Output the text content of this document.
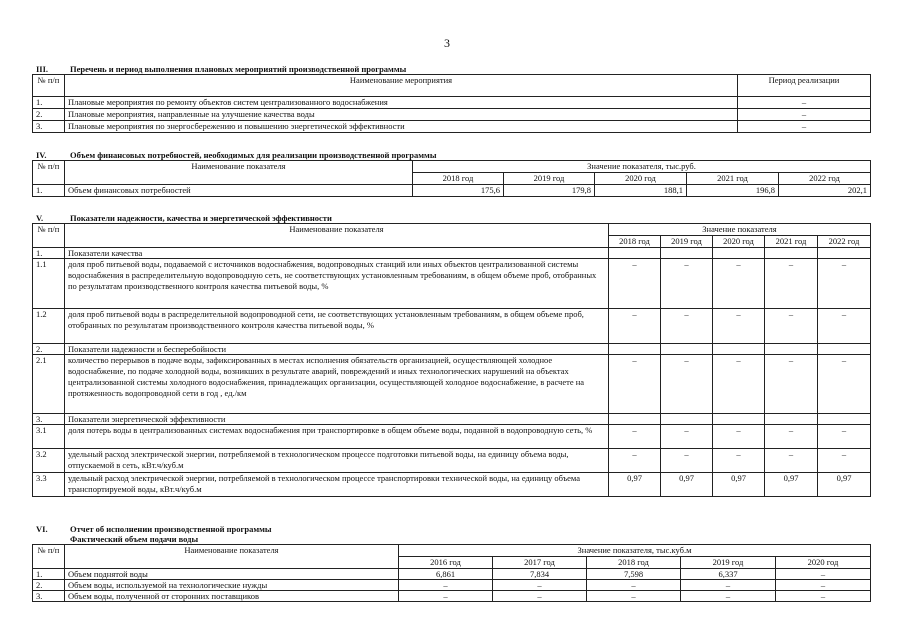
3
III.	Перечень и период выполнения плановых мероприятий производственной программы
№ п/п	Наименование мероприятия	Период реализации
1.	Плановые мероприятия по ремонту объектов систем централизованного водоснабжения	–
2.	Плановые мероприятия, направленные на улучшение качества воды	–
3.	Плановые мероприятия по энергосбережению и повышению энергетической эффективности	–
IV.	Объем финансовых потребностей, необходимых для реализации производственной программы
№ п/п	Наименование показателя	Значение показателя, тыс.руб.				
		2018 год	2019 год	2020 год	2021 год	2022 год
1.	Объем финансовых потребностей	175,6	179,8	188,1	196,8	202,1
V.	Показатели надежности, качества и энергетической эффективности
№ п/п	Наименование показателя	Значение показателя				
		2018 год	2019 год	2020 год	2021 год	2022 год
1.	Показатели качества					
1.1	доля проб питьевой воды, подаваемой с источников водоснабжения, водопроводных станций или иных объектов централизованной системы водоснабжения в распределительную водопроводную сеть, не соответствующих установленным требованиям, в общем объеме проб, отобранных по результатам производственного контроля качества питьевой воды, %	–	–	–	–	–
1.2	доля проб питьевой воды в распределительной водопроводной сети, не соответствующих установленным требованиям, в общем объеме проб, отобранных по результатам производственного контроля качества питьевой воды, %	–	–	–	–	–
2.	Показатели надежности и бесперебойности					
2.1	количество перерывов в подаче воды, зафиксированных в местах исполнения обязательств организацией, осуществляющей холодное водоснабжение, по подаче холодной воды, возникших в результате аварий, повреждений и иных технологических нарушений на объектах централизованной системы холодного водоснабжения, принадлежащих организации, осуществляющей холодное водоснабжение, в расчете на протяженность водопроводной сети в год , ед./км	–	–	–	–	–
3.	Показатели энергетической эффективности					
3.1	доля потерь воды в централизованных системах водоснабжения при транспортировке в общем объеме воды, поданной в водопроводную сеть, %	–	–	–	–	–
3.2	удельный расход электрической энергии, потребляемой в технологическом процессе подготовки питьевой воды, на единицу объема воды, отпускаемой в сеть, кВт.ч/куб.м	–	–	–	–	–
3.3	удельный расход электрической энергии, потребляемой в технологическом процессе транспортировки технической воды, на единицу объема транспортируемой воды, кВт.ч/куб.м	0,97	0,97	0,97	0,97	0,97
VI.	Отчет об исполнении производственной программы
Фактический объем подачи воды
№ п/п	Наименование показателя	Значение показателя, тыс.куб.м				
		2016 год	2017 год	2018 год	2019 год	2020 год
1.	Объем поднятой воды	6,861	7,834	7,598	6,337	–
2.	Объем воды, используемой на технологические нужды	–	–	–	–	–
3.	Объем воды, полученной от сторонних поставщиков	–	–	–	–	–
